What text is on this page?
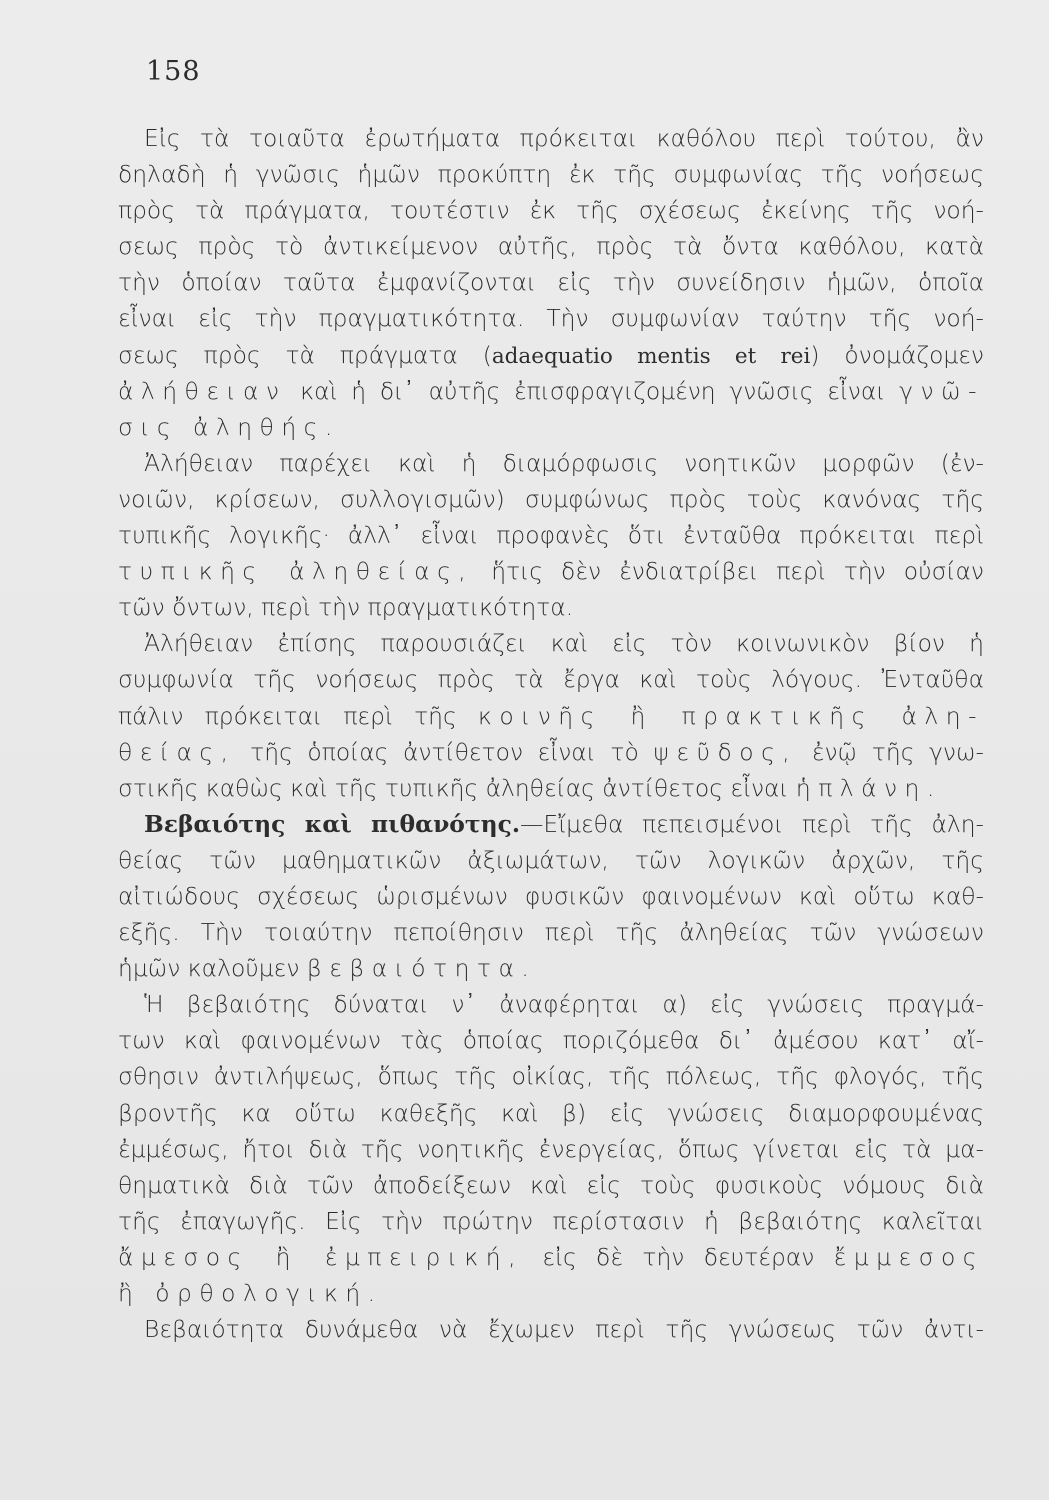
158
Εἰς τὰ τοιαῦτα ἐρωτήματα πρόκειται καθόλου περὶ τούτου, ἂν
δηλαδὴ ἡ γνῶσις ἡμῶν προκύπτη ἐκ τῆς συμφωνίας τῆς νοήσεως
πρὸς τὰ πράγματα, τουτέστιν ἐκ τῆς σχέσεως ἐκείνης τῆς νοή-
σεως πρὸς τὸ ἀντικείμενον αὐτῆς, πρὸς τὰ ὄντα καθόλου, κατὰ
τὴν ὁποίαν ταῦτα ἐμφανίζονται εἰς τὴν συνείδησιν ἡμῶν, ὁποῖα
εἶναι εἰς τὴν πραγματικότητα. Τὴν συμφωνίαν ταύτην τῆς νοή-
σεως πρὸς τὰ πράγματα (adaequatio mentis et rei) ὀνομάζομεν
ἀλήθειαν καὶ ἡ δι᾽ αὐτῆς ἐπισφραγιζομένη γνῶσις εἶναι γνῶ-
σις ἀληθής.
Ἀλήθειαν παρέχει καὶ ἡ διαμόρφωσις νοητικῶν μορφῶν (ἐν-
νοιῶν, κρίσεων, συλλογισμῶν) συμφώνως πρὸς τοὺς κανόνας τῆς
τυπικῆς λογικῆς· ἀλλ᾽ εἶναι προφανὲς ὅτι ἐνταῦθα πρόκειται περὶ
τυπικῆς ἀληθείας, ἥτις δὲν ἐνδιατρίβει περὶ τὴν οὐσίαν
τῶν ὄντων, περὶ τὴν πραγματικότητα.
Ἀλήθειαν ἐπίσης παρουσιάζει καὶ εἰς τὸν κοινωνικὸν βίον ἡ
συμφωνία τῆς νοήσεως πρὸς τὰ ἔργα καὶ τοὺς λόγους. Ἐνταῦθα
πάλιν πρόκειται περὶ τῆς κοινῆς ἢ πρακτικῆς ἀλη-
θείας, τῆς ὁποίας ἀντίθετον εἶναι τὸ ψεῦδος, ἐνῷ τῆς γνω-
στικῆς καθὼς καὶ τῆς τυπικῆς ἀληθείας ἀντίθετος εἶναι ἡ πλάνη.
Βεβαιότης καὶ πιθανότης.—Εἴμεθα πεπεισμένοι περὶ τῆς ἀλη-
θείας τῶν μαθηματικῶν ἀξιωμάτων, τῶν λογικῶν ἀρχῶν, τῆς
αἰτιώδους σχέσεως ὡρισμένων φυσικῶν φαινομένων καὶ οὕτω καθ-
εξῆς. Τὴν τοιαύτην πεποίθησιν περὶ τῆς ἀληθείας τῶν γνώσεων
ἡμῶν καλοῦμεν βεβαιότητα.
Ἡ βεβαιότης δύναται ν᾽ ἀναφέρηται α) εἰς γνώσεις πραγμά-
των καὶ φαινομένων τὰς ὁποίας πoριζόμεθα δι᾽ ἀμέσου κατ᾽ αἴ-
σθησιν ἀντιλήψεως, ὅπως τῆς οἰκίας, τῆς πόλεως, τῆς φλογός, τῆς
βροντῆς κα οὕτω καθεξῆς καὶ β) εἰς γνώσεις διαμορφουμένας
ἐμμέσως, ἤτοι διὰ τῆς νοητικῆς ἐνεργείας, ὅπως γίνεται εἰς τὰ μα-
θηματικὰ διὰ τῶν ἀποδείξεων καὶ εἰς τοὺς φυσικοὺς νόμους διὰ
τῆς ἐπαγωγῆς. Εἰς τὴν πρώτην περίστασιν ἡ βεβαιότης καλεῖται
ἄμεσος ἢ ἐμπειρική, εἰς δὲ τὴν δευτέραν ἔμμεσος
ἢ ὀρθολογική.
Βεβαιότητα δυνάμεθα νὰ ἔχωμεν περὶ τῆς γνώσεως τῶν ἀντι-
